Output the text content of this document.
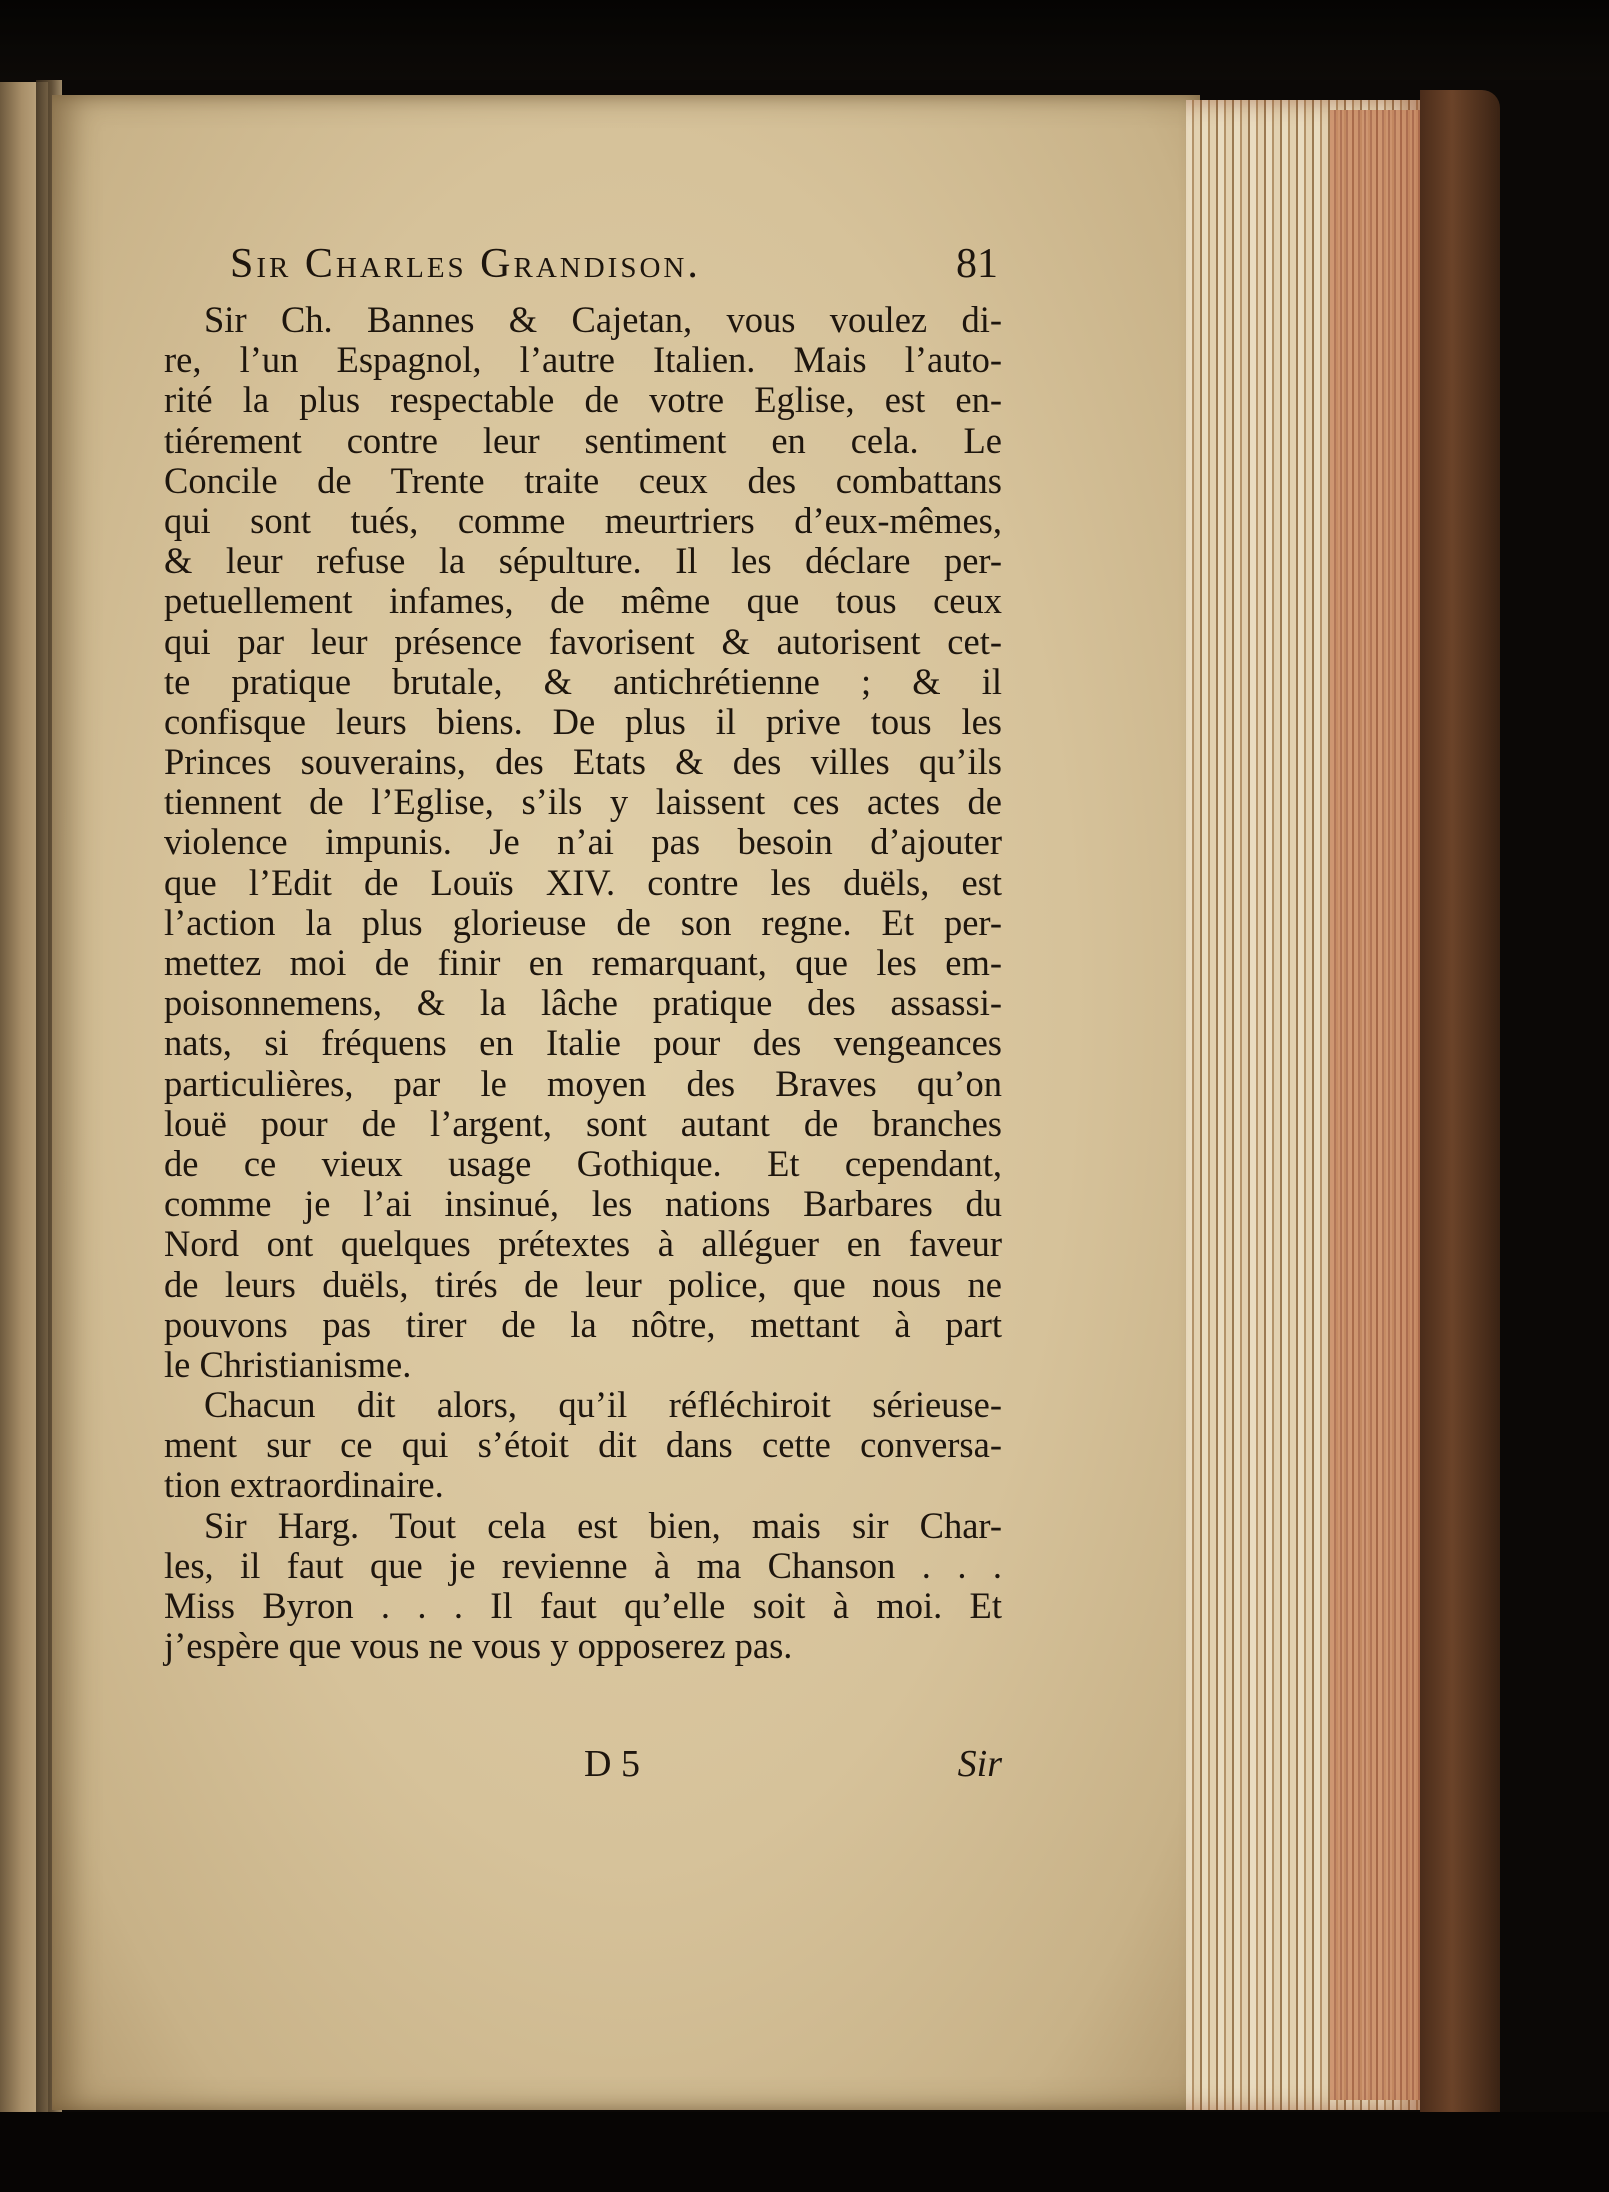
Sir Charles Grandison.	81
Sir Ch. Bannes & Cajetan, vous voulez di-
re, l’un Espagnol, l’autre Italien. Mais l’auto-
rité la plus respectable de votre Eglise, est en-
tiérement contre leur sentiment en cela. Le
Concile de Trente traite ceux des combattans
qui sont tués, comme meurtriers d’eux-mêmes,
& leur refuse la sépulture. Il les déclare per-
petuellement infames, de même que tous ceux
qui par leur présence favorisent & autorisent cet-
te pratique brutale, & antichrétienne ; & il
confisque leurs biens. De plus il prive tous les
Princes souverains, des Etats & des villes qu’ils
tiennent de l’Eglise, s’ils y laissent ces actes de
violence impunis. Je n’ai pas besoin d’ajouter
que l’Edit de Louïs XIV. contre les duëls, est
l’action la plus glorieuse de son regne. Et per-
mettez moi de finir en remarquant, que les em-
poisonnemens, & la lâche pratique des assassi-
nats, si fréquens en Italie pour des vengeances
particulières, par le moyen des Braves qu’on
louë pour de l’argent, sont autant de branches
de ce vieux usage Gothique. Et cependant,
comme je l’ai insinué, les nations Barbares du
Nord ont quelques prétextes à alléguer en faveur
de leurs duëls, tirés de leur police, que nous ne
pouvons pas tirer de la nôtre, mettant à part
le Christianisme.
Chacun dit alors, qu’il réfléchiroit sérieuse-
ment sur ce qui s’étoit dit dans cette conversa-
tion extraordinaire.
Sir Harg. Tout cela est bien, mais sir Char-
les, il faut que je revienne à ma Chanson . . .
Miss Byron . . . Il faut qu’elle soit à moi. Et
j’espère que vous ne vous y opposerez pas.
D 5	Sir
